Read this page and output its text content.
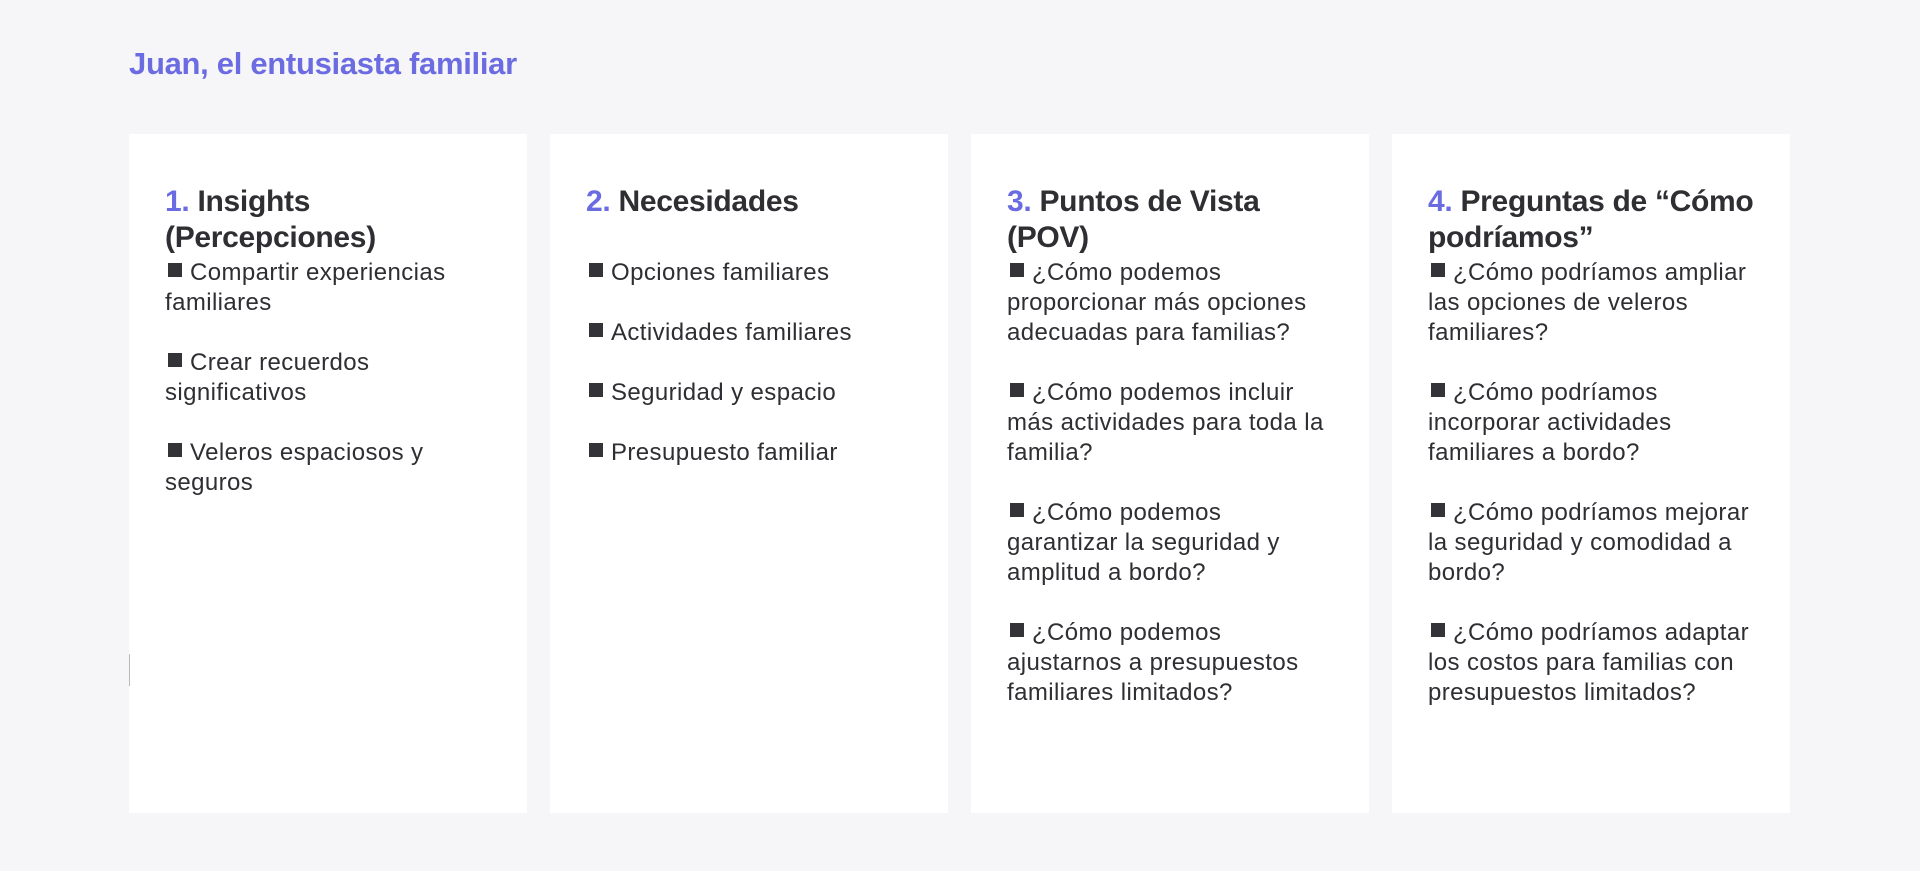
Juan, el entusiasta familiar
1. Insights (Percepciones)
Compartir experiencias familiares
Crear recuerdos significativos
Veleros espaciosos y seguros
2. Necesidades
Opciones familiares
Actividades familiares
Seguridad y espacio
Presupuesto familiar
3. Puntos de Vista (POV)
¿Cómo podemos proporcionar más opciones adecuadas para familias?
¿Cómo podemos incluir más actividades para toda la familia?
¿Cómo podemos garantizar la seguridad y amplitud a bordo?
¿Cómo podemos ajustarnos a presupuestos familiares limitados?
4. Preguntas de “Cómo podríamos”
¿Cómo podríamos ampliar las opciones de veleros familiares?
¿Cómo podríamos incorporar actividades familiares a bordo?
¿Cómo podríamos mejorar la seguridad y comodidad a bordo?
¿Cómo podríamos adaptar los costos para familias con presupuestos limitados?
